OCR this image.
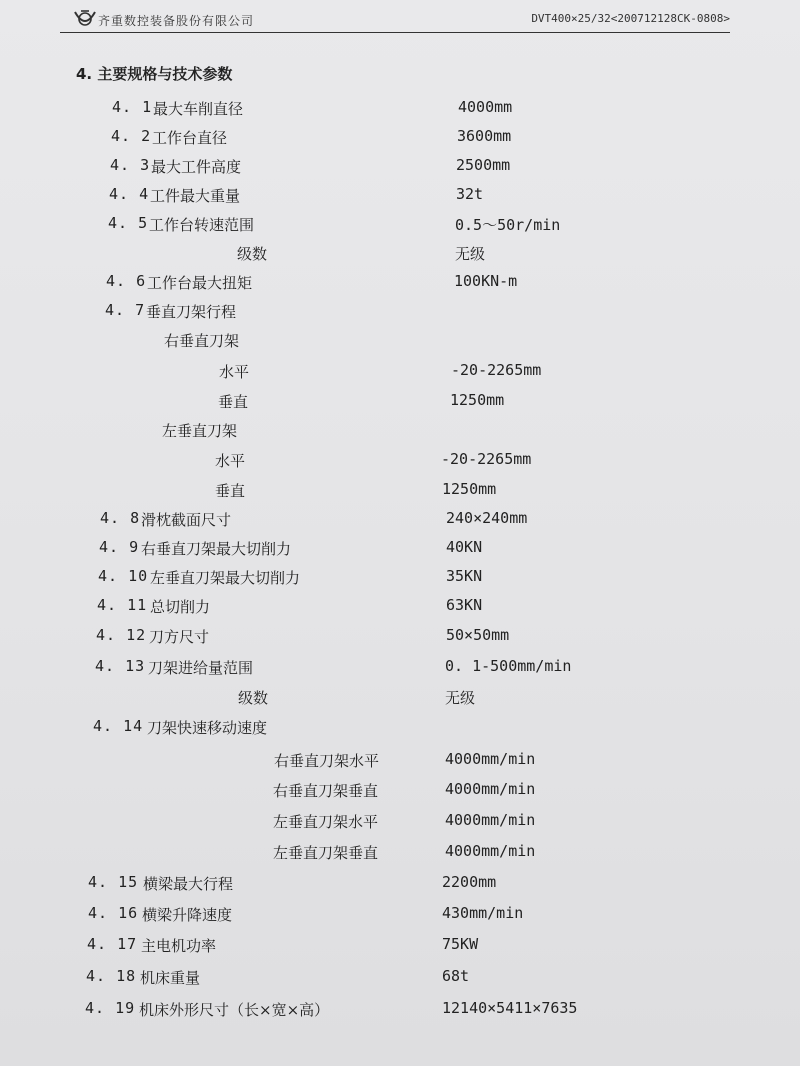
齐重数控装备股份有限公司	DVT400×25/32<200712128CK-0808>
4. 主要规格与技术参数
4. 1 最大车削直径	4000mm
4. 2 工作台直径	3600mm
4. 3 最大工件高度	2500mm
4. 4 工件最大重量	32t
4. 5 工作台转速范围	0.5～50r/min
级数	无级
4. 6 工作台最大扭矩	100KN-m
4. 7 垂直刀架行程
右垂直刀架
水平	-20-2265mm
垂直	1250mm
左垂直刀架
水平	-20-2265mm
垂直	1250mm
4. 8 滑枕截面尺寸	240×240mm
4. 9 右垂直刀架最大切削力	40KN
4. 10 左垂直刀架最大切削力	35KN
4. 11 总切削力	63KN
4. 12 刀方尺寸	50×50mm
4. 13 刀架进给量范围	0. 1-500mm/min
级数	无级
4. 14 刀架快速移动速度
右垂直刀架水平	4000mm/min
右垂直刀架垂直	4000mm/min
左垂直刀架水平	4000mm/min
左垂直刀架垂直	4000mm/min
4. 15 横梁最大行程	2200mm
4. 16 横梁升降速度	430mm/min
4. 17 主电机功率	75KW
4. 18 机床重量	68t
4. 19 机床外形尺寸（长×宽×高）	12140×5411×7635
